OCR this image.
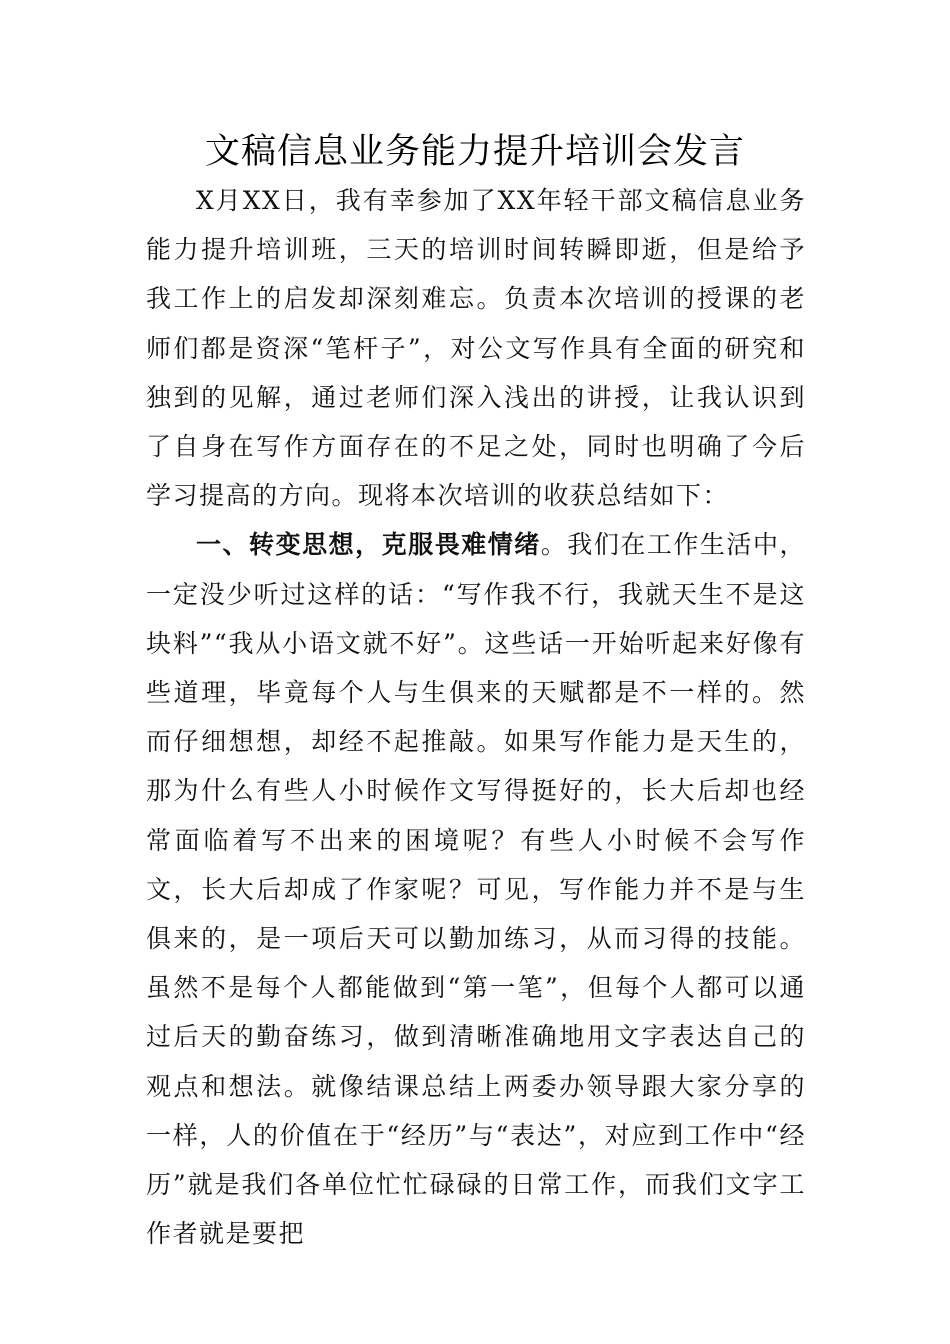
文稿信息业务能力提升培训会发言

X月XX日，我有幸参加了XX年轻干部文稿信息业务能力提升培训班，三天的培训时间转瞬即逝，但是给予我工作上的启发却深刻难忘。负责本次培训的授课的老师们都是资深“笔杆子”，对公文写作具有全面的研究和独到的见解，通过老师们深入浅出的讲授，让我认识到了自身在写作方面存在的不足之处，同时也明确了今后学习提高的方向。现将本次培训的收获总结如下：

一、转变思想，克服畏难情绪。我们在工作生活中，一定没少听过这样的话：“写作我不行，我就天生不是这块料”“我从小语文就不好”。这些话一开始听起来好像有些道理，毕竟每个人与生俱来的天赋都是不一样的。然而仔细想想，却经不起推敲。如果写作能力是天生的，那为什么有些人小时候作文写得挺好的，长大后却也经常面临着写不出来的困境呢？有些人小时候不会写作文，长大后却成了作家呢？可见，写作能力并不是与生俱来的，是一项后天可以勤加练习，从而习得的技能。虽然不是每个人都能做到“第一笔”，但每个人都可以通过后天的勤奋练习，做到清晰准确地用文字表达自己的观点和想法。就像结课总结上两委办领导跟大家分享的一样，人的价值在于“经历”与“表达”，对应到工作中“经历”就是我们各单位忙忙碌碌的日常工作，而我们文字工作者就是要把
